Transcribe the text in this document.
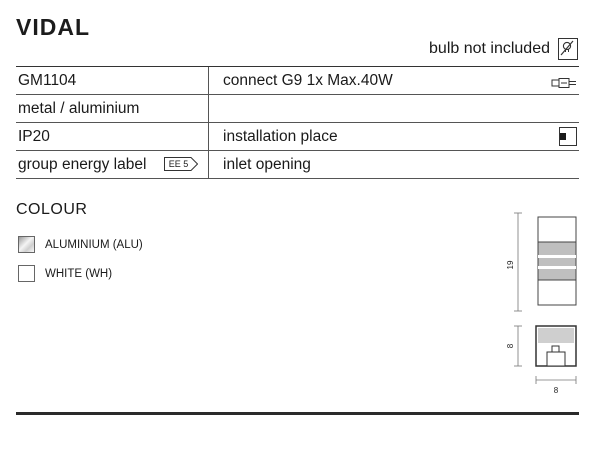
VIDAL
bulb not included
GM1104	connect G9 1x Max.40W
metal / aluminium
IP20	installation place
group energy label EE 5 inlet opening
COLOUR
ALUMINIUM (ALU)
WHITE (WH)
19
8
8
